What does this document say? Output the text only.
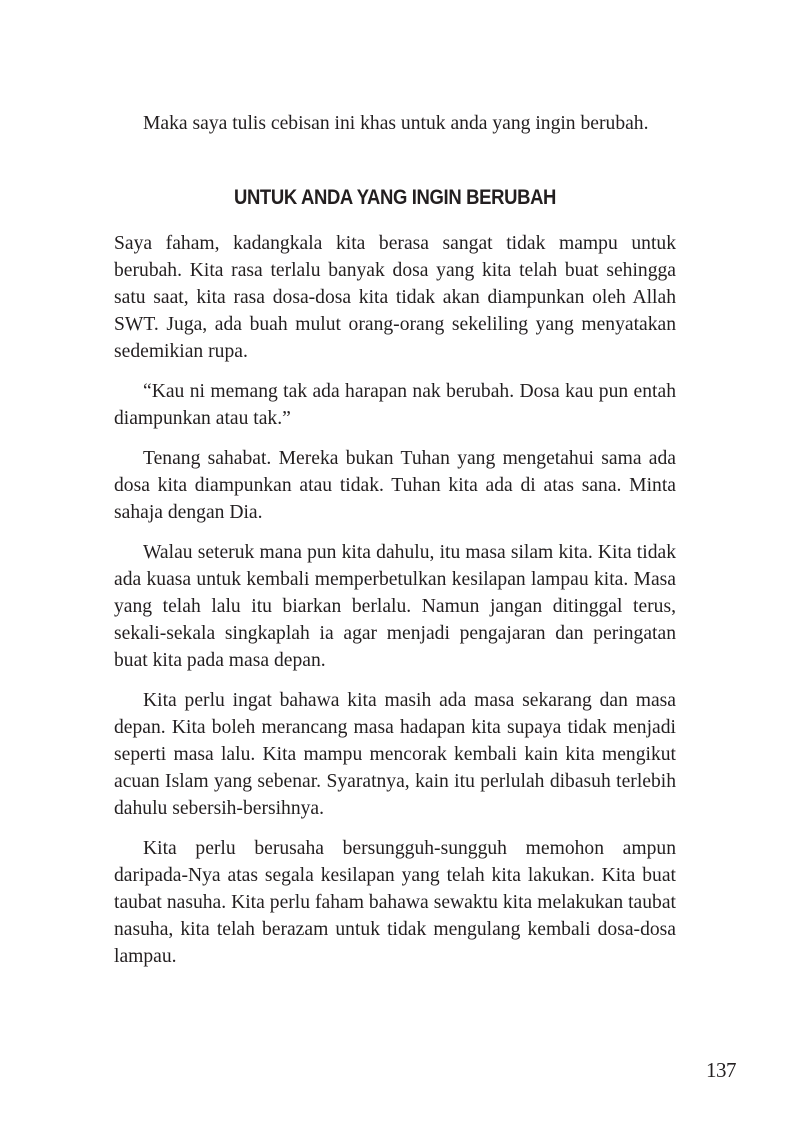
Maka saya tulis cebisan ini khas untuk anda yang ingin berubah.

UNTUK ANDA YANG INGIN BERUBAH

Saya faham, kadangkala kita berasa sangat tidak mampu untuk berubah. Kita rasa terlalu banyak dosa yang kita telah buat sehingga satu saat, kita rasa dosa-dosa kita tidak akan diampunkan oleh Allah SWT. Juga, ada buah mulut orang-orang sekeliling yang menyatakan sedemikian rupa.

“Kau ni memang tak ada harapan nak berubah. Dosa kau pun entah diampunkan atau tak.”

Tenang sahabat. Mereka bukan Tuhan yang mengetahui sama ada dosa kita diampunkan atau tidak. Tuhan kita ada di atas sana. Minta sahaja dengan Dia.

Walau seteruk mana pun kita dahulu, itu masa silam kita. Kita tidak ada kuasa untuk kembali memperbetulkan kesilapan lampau kita. Masa yang telah lalu itu biarkan berlalu. Namun jangan ditinggal terus, sekali-sekala singkaplah ia agar menjadi pengajaran dan peringatan buat kita pada masa depan.

Kita perlu ingat bahawa kita masih ada masa sekarang dan masa depan. Kita boleh merancang masa hadapan kita supaya tidak menjadi seperti masa lalu. Kita mampu mencorak kembali kain kita mengikut acuan Islam yang sebenar. Syaratnya, kain itu perlulah dibasuh terlebih dahulu sebersih-bersihnya.

Kita perlu berusaha bersungguh-sungguh memohon ampun daripada-Nya atas segala kesilapan yang telah kita lakukan. Kita buat taubat nasuha. Kita perlu faham bahawa sewaktu kita melakukan taubat nasuha, kita telah berazam untuk tidak mengulang kembali dosa-dosa lampau.

137
